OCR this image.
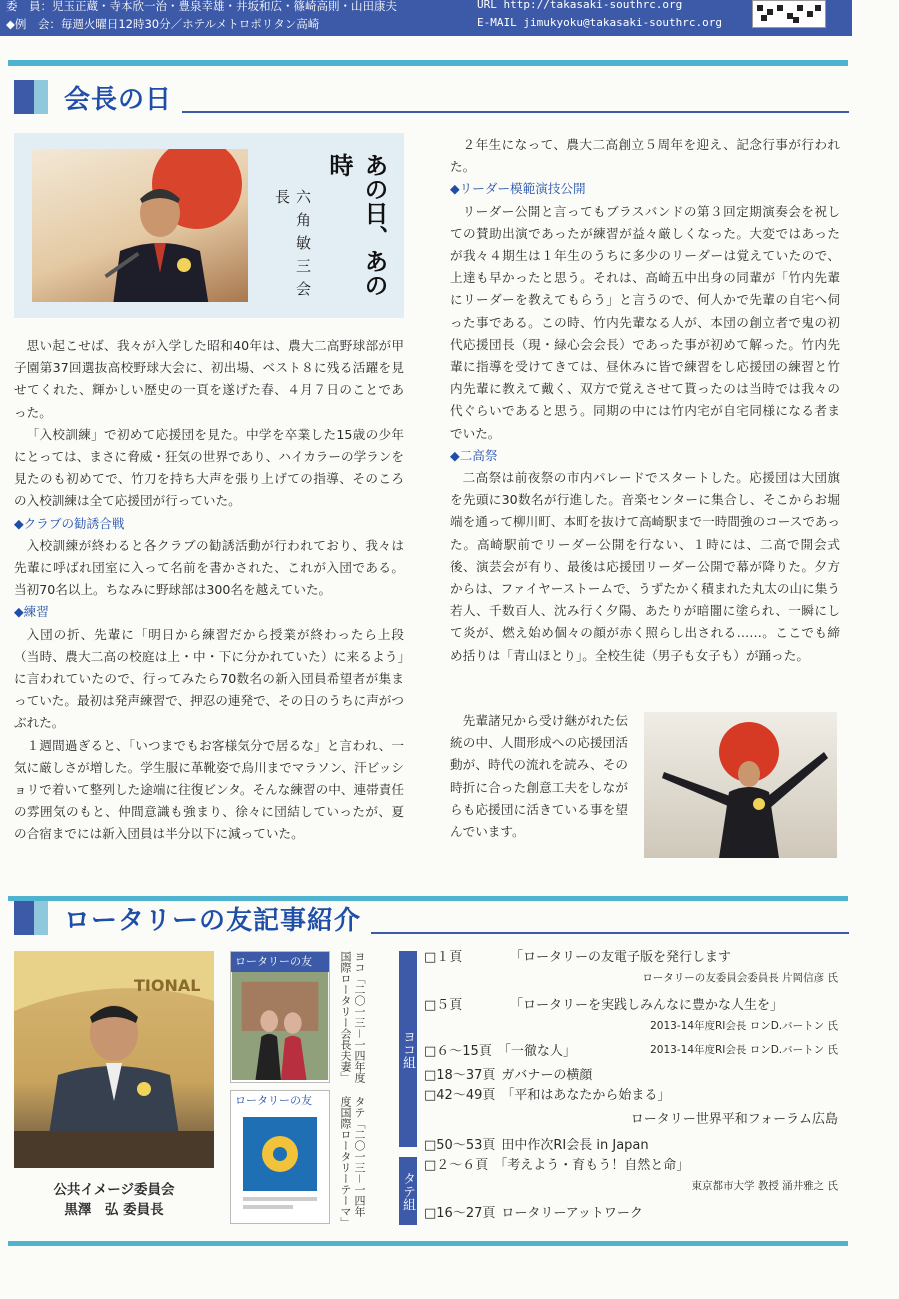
委　員：児玉正蔵・寺本欣一治・豊泉幸雄・井坂和広・篠崎高則・山田康夫
◆例　会：毎週火曜日12時30分／ホテルメトロポリタン高崎
URL http://takasaki-southrc.org
E-MAIL jimukyoku@takasaki-southrc.org
会長の日
あの日、あの時
六角敏三会長

思い起こせば、我々が入学した昭和40年は、農大二高野球部が甲子園第37回選抜高校野球大会に、初出場、ベスト８に残る活躍を見せてくれた、輝かしい歴史の一頁を遂げた春、４月７日のことであった。

「入校訓練」で初めて応援団を見た。中学を卒業した15歳の少年にとっては、まさに脅威・狂気の世界であり、ハイカラーの学ランを見たのも初めてで、竹刀を持ち大声を張り上げての指導、そのころの入校訓練は全て応援団が行っていた。

◆クラブの勧誘合戦

入校訓練が終わると各クラブの勧誘活動が行われており、我々は先輩に呼ばれ団室に入って名前を書かされた、これが入団である。当初70名以上。ちなみに野球部は300名を越えていた。

◆練習

入団の折、先輩に「明日から練習だから授業が終わったら上段（当時、農大二高の校庭は上・中・下に分かれていた）に来るよう」に言われていたので、行ってみたら70数名の新入団員希望者が集まっていた。最初は発声練習で、押忍の連発で、その日のうちに声がつぶれた。

１週間過ぎると、「いつまでもお客様気分で居るな」と言われ、一気に厳しさが増した。学生服に革靴姿で烏川までマラソン、汗ビッショリで着いて整列した途端に往復ビンタ。そんな練習の中、連帯責任の雰囲気のもと、仲間意識も強まり、徐々に団結していったが、夏の合宿までには新入団員は半分以下に減っていた。

２年生になって、農大二高創立５周年を迎え、記念行事が行われた。

◆リーダー模範演技公開

リーダー公開と言ってもブラスバンドの第３回定期演奏会を祝しての賛助出演であったが練習が益々厳しくなった。大変ではあったが我々４期生は１年生のうちに多少のリーダーは覚えていたので、上達も早かったと思う。それは、高崎五中出身の同輩が「竹内先輩にリーダーを教えてもらう」と言うので、何人かで先輩の自宅へ伺った事である。この時、竹内先輩なる人が、本団の創立者で鬼の初代応援団長（現・緑心会会長）であった事が初めて解った。竹内先輩に指導を受けてきては、昼休みに皆で練習をし応援団の練習と竹内先輩に教えて戴く、双方で覚えさせて貰ったのは当時では我々の代ぐらいであると思う。同期の中には竹内宅が自宅同様になる者までいた。

◆二高祭

二高祭は前夜祭の市内パレードでスタートした。応援団は大団旗を先頭に30数名が行進した。音楽センターに集合し、そこからお堀端を通って柳川町、本町を抜けて高崎駅まで一時間強のコースであった。高崎駅前でリーダー公開を行ない、１時には、二高で開会式後、演芸会が有り、最後は応援団リーダー公開で幕が降りた。夕方からは、ファイヤーストームで、うずたかく積まれた丸太の山に集う若人、千数百人、沈み行く夕陽、あたりが暗闇に塗られ、一瞬にして炎が、燃え始め個々の顔が赤く照らし出される……。ここでも締め括りは「青山ほとり」。全校生徒（男子も女子も）が踊った。

先輩諸兄から受け継がれた伝統の中、人間形成への応援団活動が、時代の流れを読み、その時折に合った創意工夫をしながらも応援団に活きている事を望んでいます。

ロータリーの友記事紹介
TIONAL
公共イメージ委員会
黒澤　弘 委員長
ロータリーの友
ロータリーの友
ヨコ「二〇一三－一四年度国際ロータリー会長夫妻」
タテ「二〇一三－一四年度国際ロータリーテーマ」
ヨコ組
タテ組
□１頁	「ロータリーの友電子版を発行します
ロータリーの友委員会委員長 片岡信彦 氏
□５頁	「ロータリーを実践しみんなに豊かな人生を」
2013-14年度RI会長 ロンD.バートン 氏
□６～15頁 「一徹な人」	2013-14年度RI会長 ロンD.バートン 氏
□18～37頁 ガバナーの横顔
□42～49頁 「平和はあなたから始まる」
ロータリー世界平和フォーラム広島
□50～53頁 田中作次RI会長 in Japan
□２～６頁 「考えよう・育もう！自然と命」
東京都市大学 教授 涌井雅之 氏
□16～27頁 ロータリーアットワーク
